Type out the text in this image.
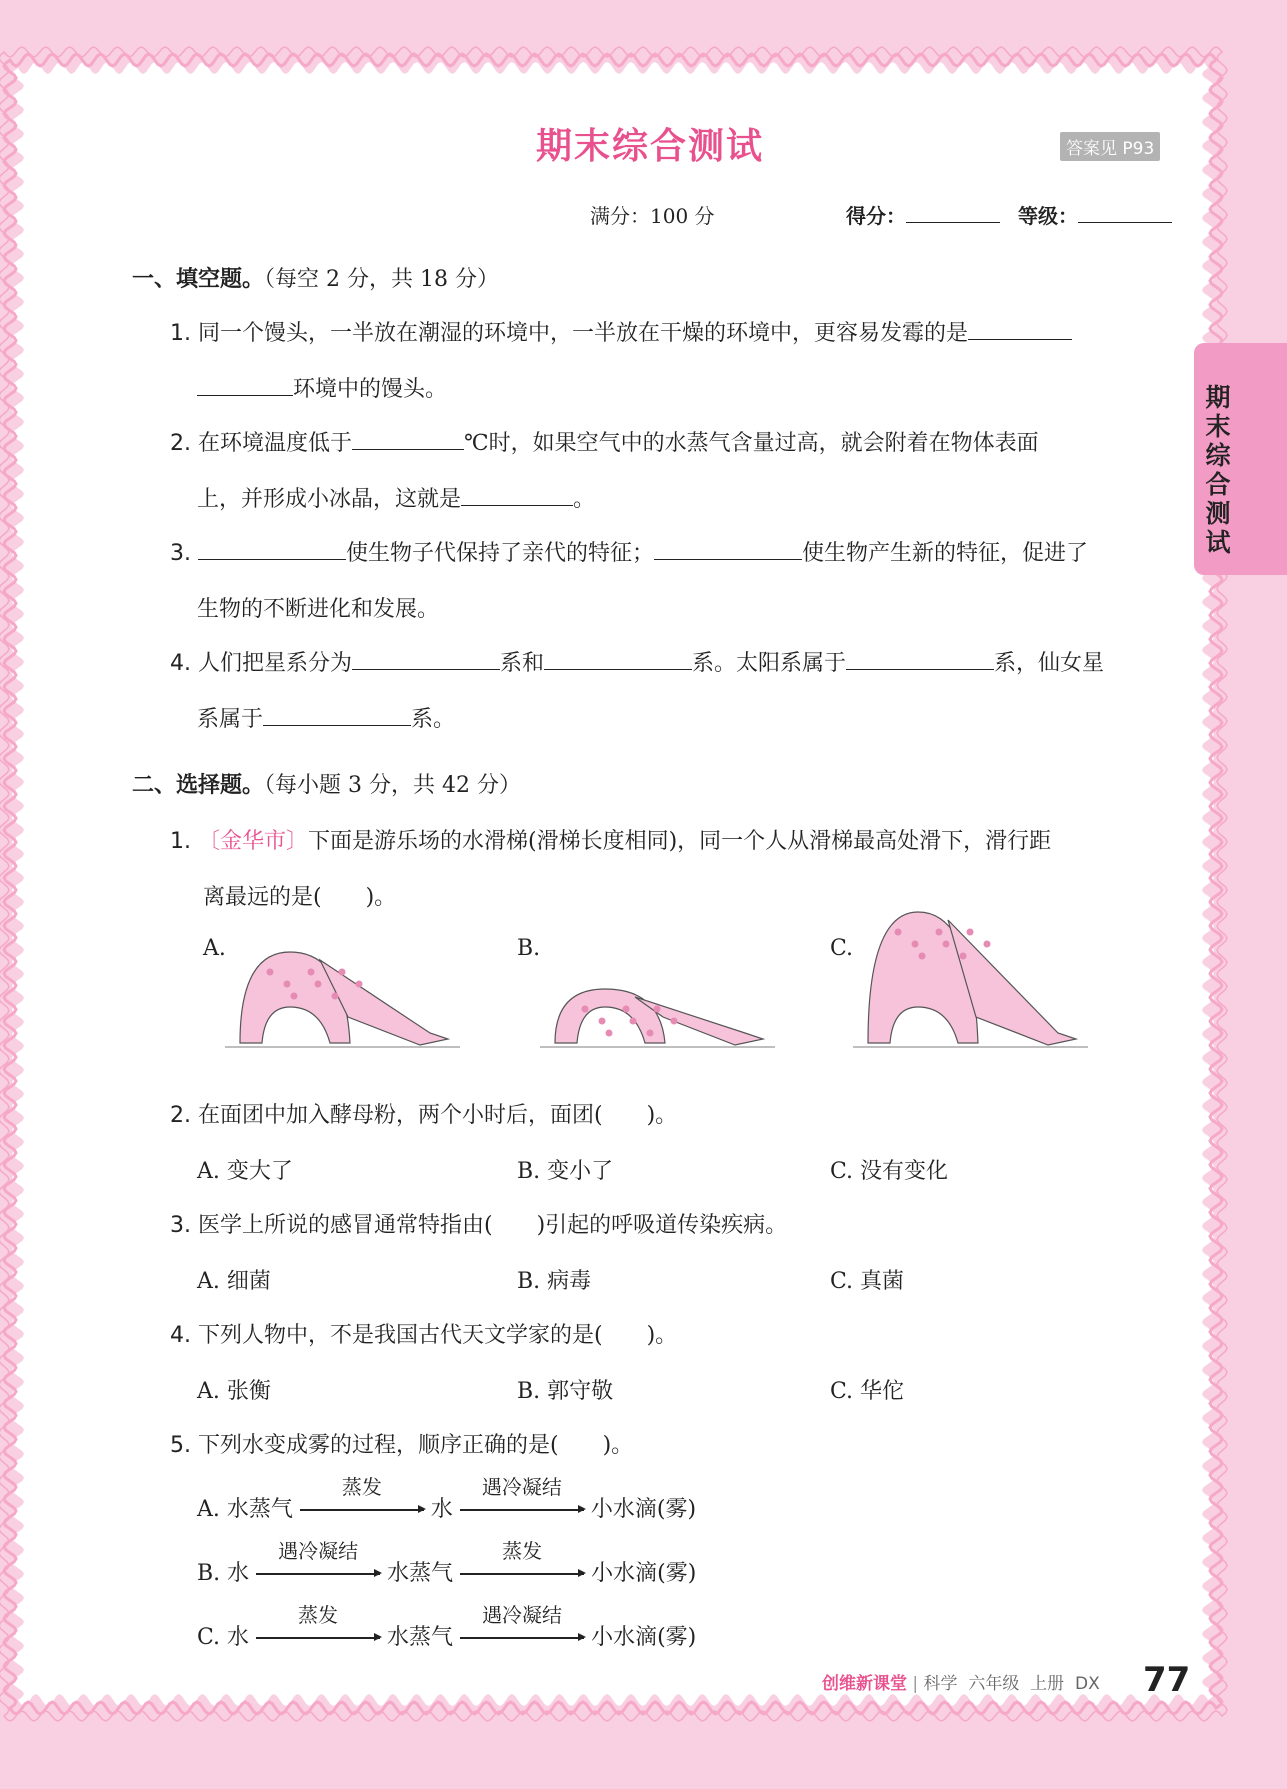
期末综合测试
期末综合测试	答案见 P93
满分：100 分	得分：	等级：
一、填空题。（每空 2 分，共 18 分）
1. 同一个馒头，一半放在潮湿的环境中，一半放在干燥的环境中，更容易发霉的是
环境中的馒头。
2. 在环境温度低于	℃时，如果空气中的水蒸气含量过高，就会附着在物体表面
上，并形成小冰晶，这就是	。
3.	使生物子代保持了亲代的特征；	使生物产生新的特征，促进了
生物的不断进化和发展。
4. 人们把星系分为	系和	系。太阳系属于	系，仙女星
系属于	系。
二、选择题。（每小题 3 分，共 42 分）
1. 〔金华市〕下面是游乐场的水滑梯(滑梯长度相同)，同一个人从滑梯最高处滑下，滑行距
离最远的是(　　)。
A.	B.	C.
2. 在面团中加入酵母粉，两个小时后，面团(　　)。
A. 变大了	B. 变小了	C. 没有变化
3. 医学上所说的感冒通常特指由(　　)引起的呼吸道传染疾病。
A. 细菌	B. 病毒	C. 真菌
4. 下列人物中，不是我国古代天文学家的是(　　)。
A. 张衡	B. 郭守敬	C. 华佗
5. 下列水变成雾的过程，顺序正确的是(　　)。
A. 水蒸气
蒸发
水
遇冷凝结
小水滴(雾)
B. 水
遇冷凝结
水蒸气
蒸发
小水滴(雾)
C. 水
蒸发
水蒸气
遇冷凝结
小水滴(雾)
创维新课堂 | 科学 六年级 上册 DX 77
